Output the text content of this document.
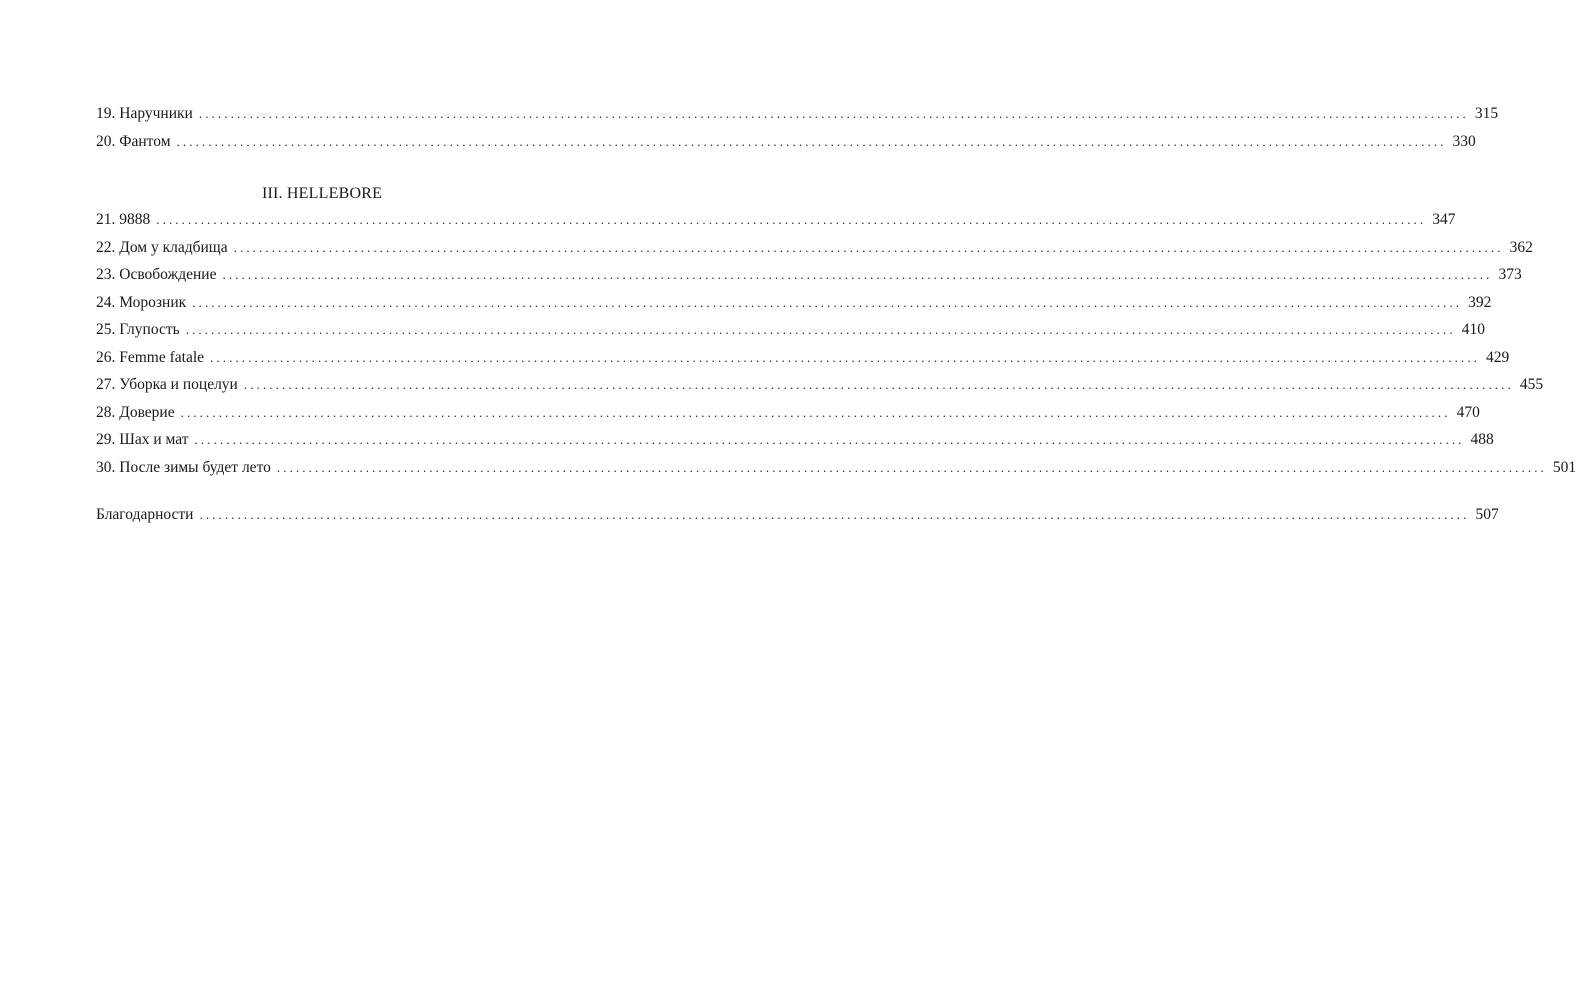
19. Наручники ........................................................................................................................................................................................................ 315
20. Фантом ........................................................................................................................................................................................................ 330
III. HELLEBORE
21. 9888 ........................................................................................................................................................................................................ 347
22. Дом у кладбища ........................................................................................................................................................................................................ 362
23. Освобождение ........................................................................................................................................................................................................ 373
24. Морозник ........................................................................................................................................................................................................ 392
25. Глупость ........................................................................................................................................................................................................ 410
26. Femme fatale ........................................................................................................................................................................................................ 429
27. Уборка и поцелуи ........................................................................................................................................................................................................ 455
28. Доверие ........................................................................................................................................................................................................ 470
29. Шах и мат ........................................................................................................................................................................................................ 488
30. После зимы будет лето ........................................................................................................................................................................................................ 501
Благодарности ........................................................................................................................................................................................................ 507
